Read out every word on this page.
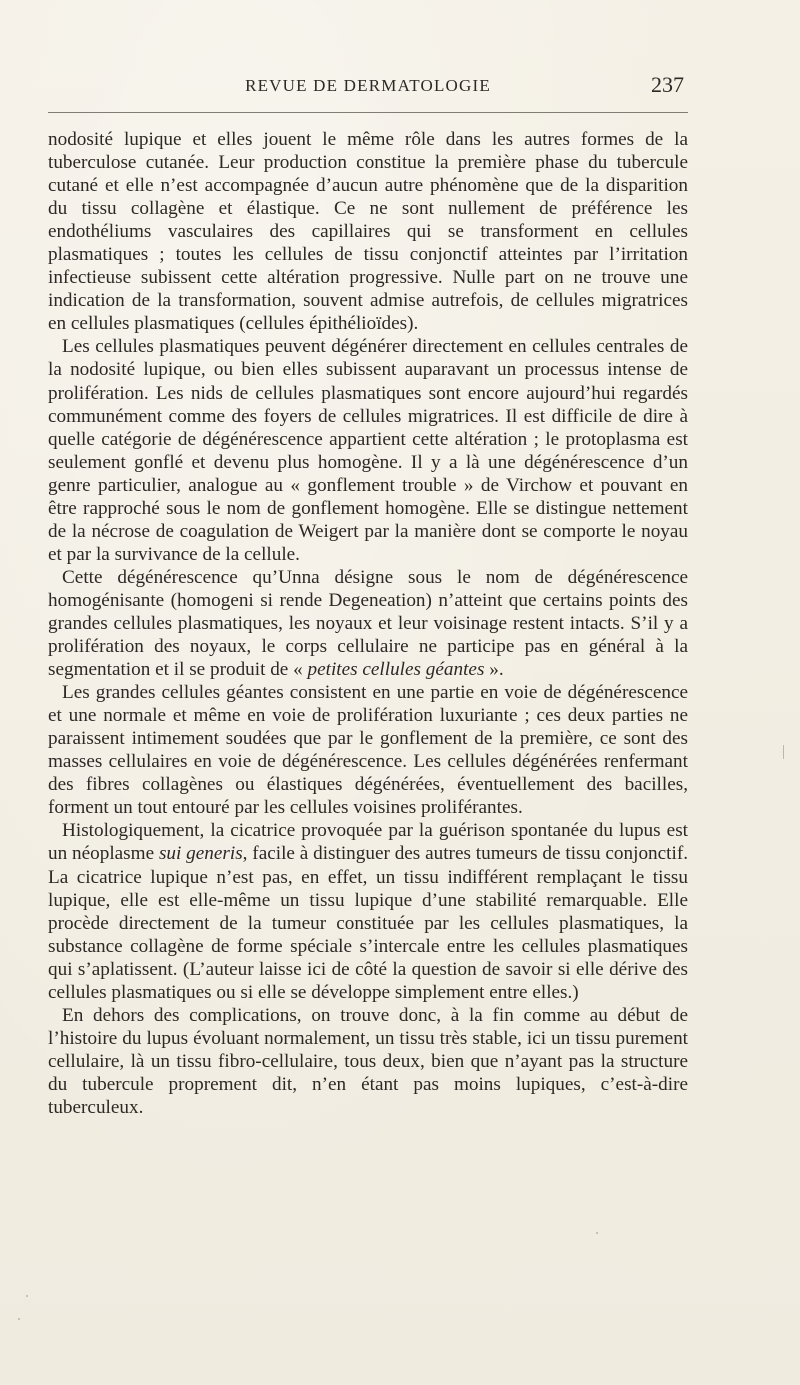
REVUE DE DERMATOLOGIE	237

nodosité lupique et elles jouent le même rôle dans les autres formes de la tuberculose cutanée. Leur production constitue la première phase du tubercule cutané et elle n’est accompagnée d’aucun autre phénomène que de la disparition du tissu collagène et élastique. Ce ne sont nullement de préférence les endothéliums vasculaires des capillaires qui se transforment en cellules plasmatiques ; toutes les cellules de tissu conjonctif atteintes par l’irritation infectieuse subissent cette altération progressive. Nulle part on ne trouve une indication de la transformation, souvent admise autrefois, de cellules migratrices en cellules plasmatiques (cellules épithélioïdes).

Les cellules plasmatiques peuvent dégénérer directement en cellules centrales de la nodosité lupique, ou bien elles subissent auparavant un processus intense de prolifération. Les nids de cellules plasmatiques sont encore aujourd’hui regardés communément comme des foyers de cellules migratrices. Il est difficile de dire à quelle catégorie de dégénérescence appartient cette altération ; le protoplasma est seulement gonflé et devenu plus homogène. Il y a là une dégénérescence d’un genre particulier, analogue au « gonflement trouble » de Virchow et pouvant en être rapproché sous le nom de gonflement homogène. Elle se distingue nettement de la nécrose de coagulation de Weigert par la manière dont se comporte le noyau et par la survivance de la cellule.

Cette dégénérescence qu’Unna désigne sous le nom de dégénérescence homogénisante (homogeni si rende Degeneation) n’atteint que certains points des grandes cellules plasmatiques, les noyaux et leur voisinage restent intacts. S’il y a prolifération des noyaux, le corps cellulaire ne participe pas en général à la segmentation et il se produit de « petites cellules géantes ».

Les grandes cellules géantes consistent en une partie en voie de dégénérescence et une normale et même en voie de prolifération luxuriante ; ces deux parties ne paraissent intimement soudées que par le gonflement de la première, ce sont des masses cellulaires en voie de dégénérescence. Les cellules dégénérées renfermant des fibres collagènes ou élastiques dégénérées, éventuellement des bacilles, forment un tout entouré par les cellules voisines proliférantes.

Histologiquement, la cicatrice provoquée par la guérison spontanée du lupus est un néoplasme sui generis, facile à distinguer des autres tumeurs de tissu conjonctif. La cicatrice lupique n’est pas, en effet, un tissu indifférent remplaçant le tissu lupique, elle est elle-même un tissu lupique d’une stabilité remarquable. Elle procède directement de la tumeur constituée par les cellules plasmatiques, la substance collagène de forme spéciale s’intercale entre les cellules plasmatiques qui s’aplatissent. (L’auteur laisse ici de côté la question de savoir si elle dérive des cellules plasmatiques ou si elle se développe simplement entre elles.)

En dehors des complications, on trouve donc, à la fin comme au début de l’histoire du lupus évoluant normalement, un tissu très stable, ici un tissu purement cellulaire, là un tissu fibro-cellulaire, tous deux, bien que n’ayant pas la structure du tubercule proprement dit, n’en étant pas moins lupiques, c’est-à-dire tuberculeux.
